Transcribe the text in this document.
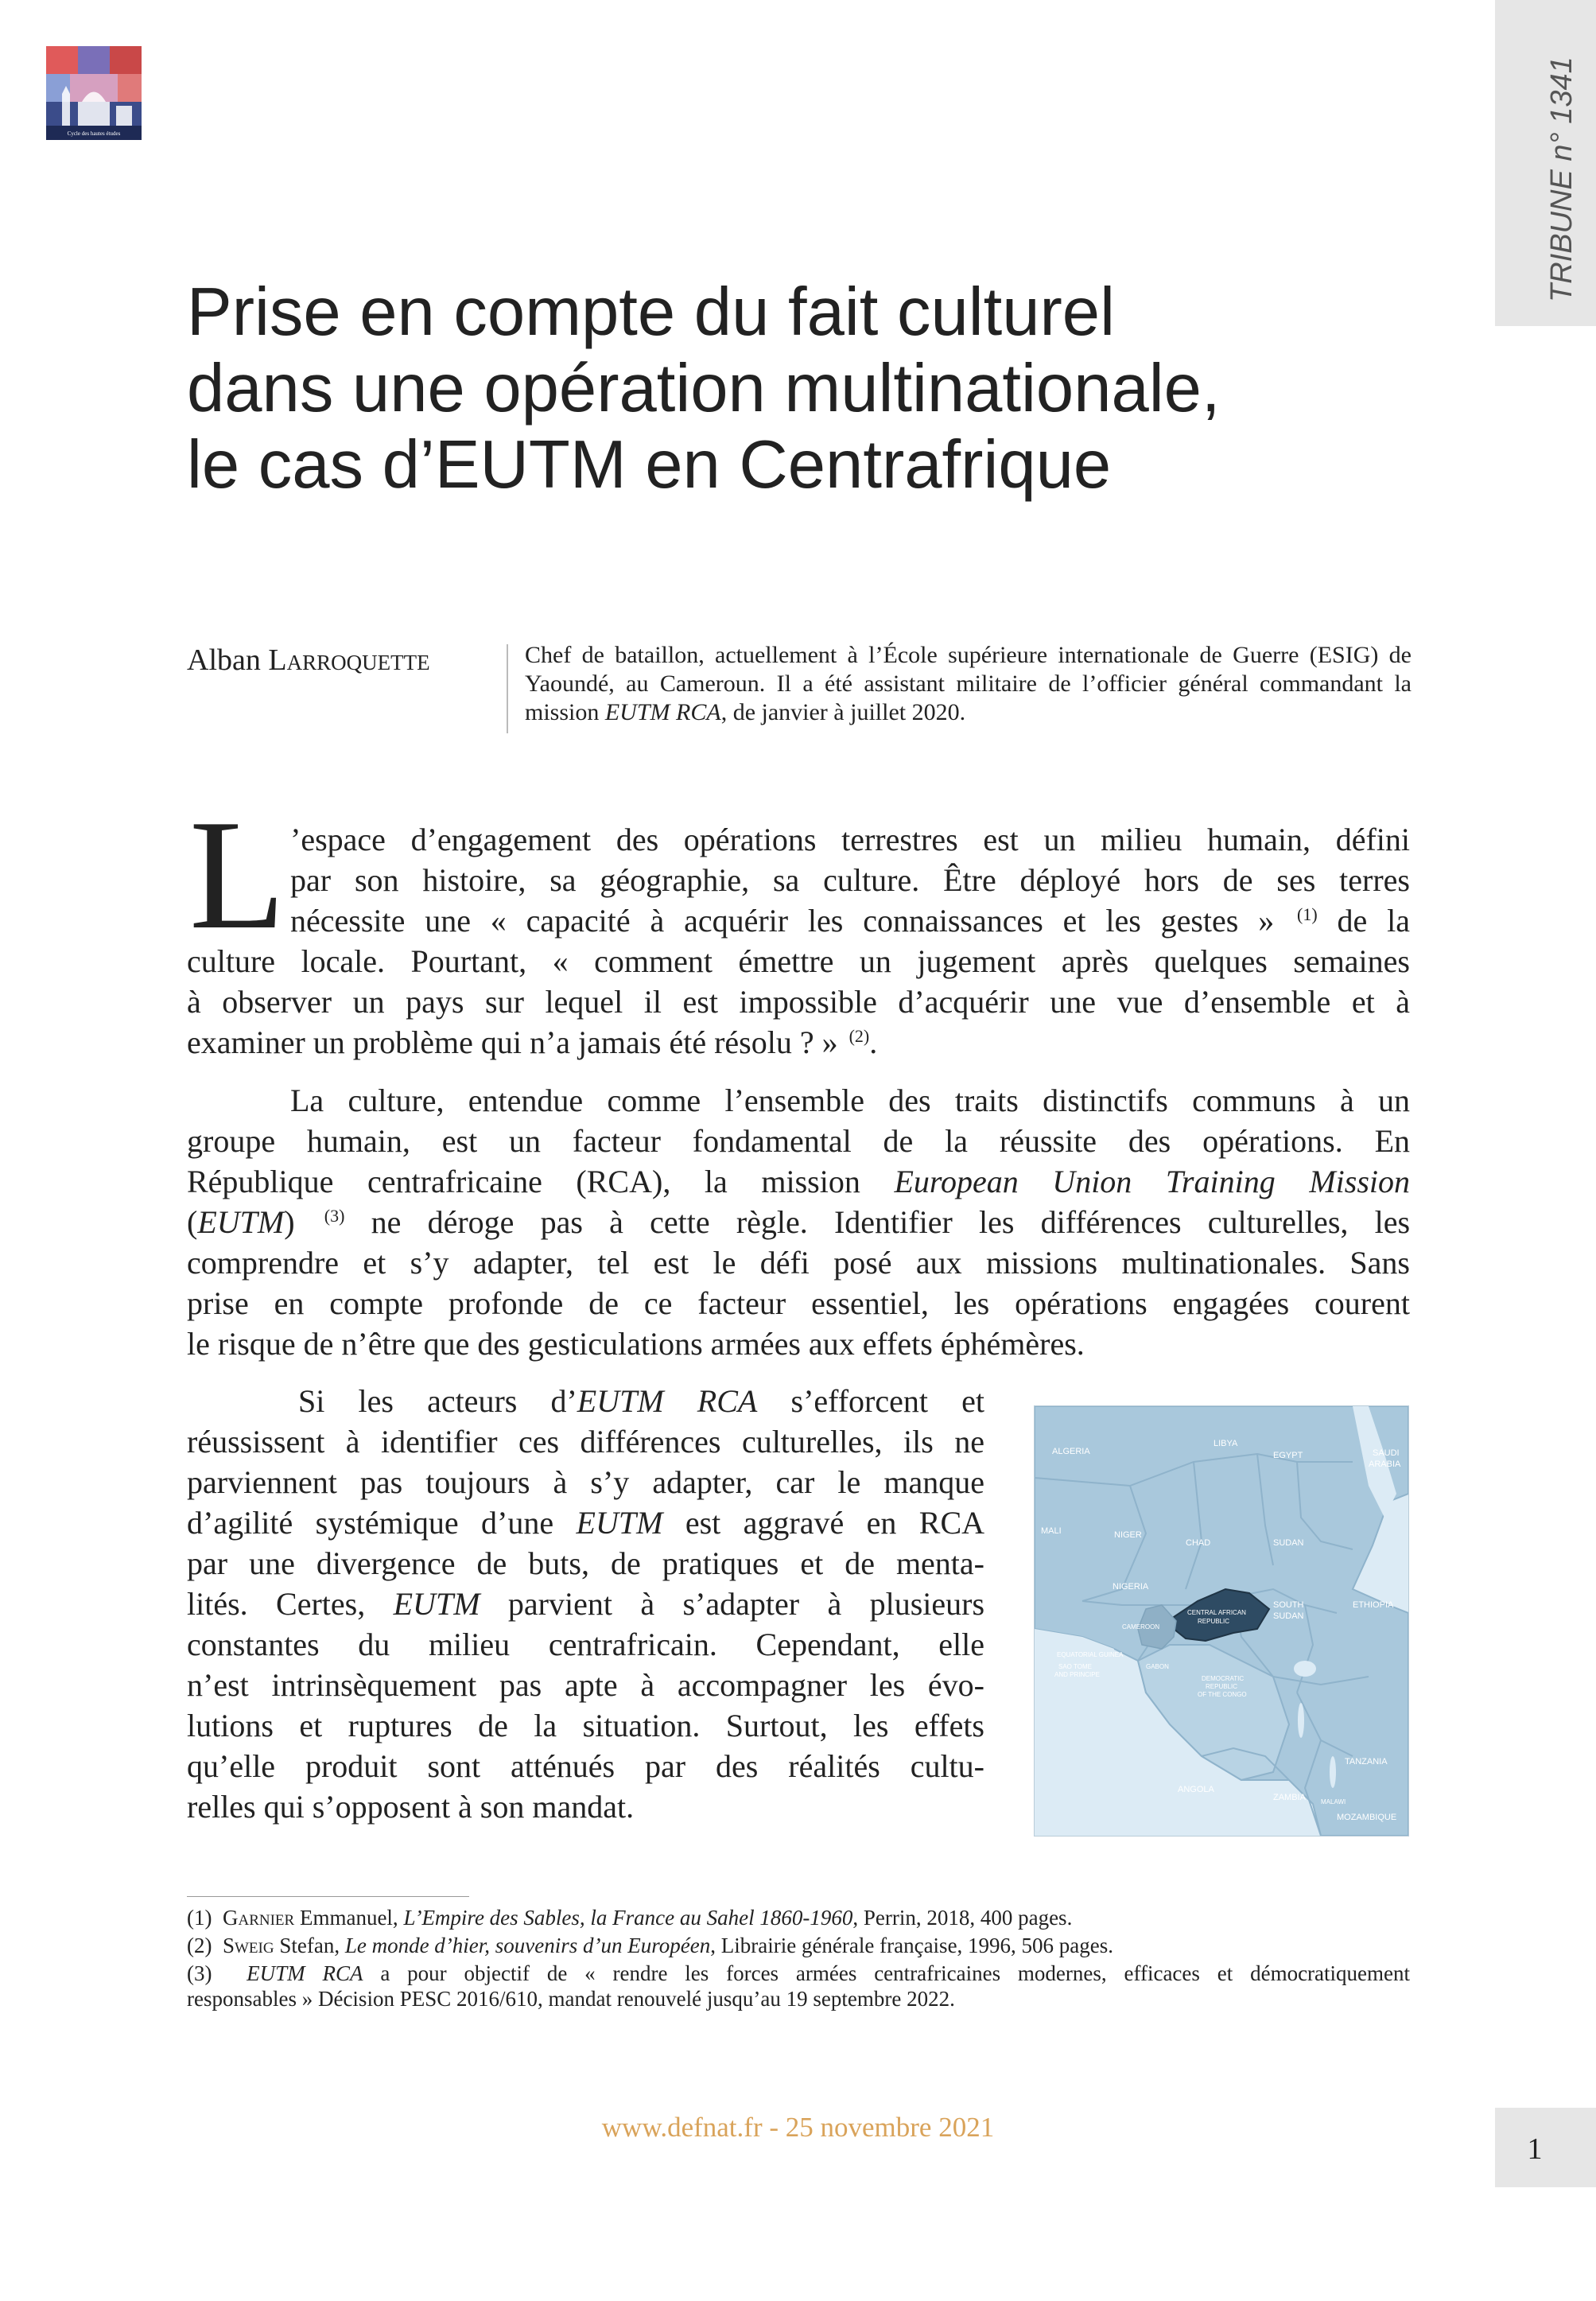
Cycle des hautes études	TRIBUNE n° 1341
Prise en compte du fait culturel
dans une opération multinationale,
le cas d’EUTM en Centrafrique
Alban Larroquette	Chef de bataillon, actuellement à l’École supérieure internationale de Guerre (ESIG) de
Yaoundé, au Cameroun. Il a été assistant militaire de l’officier général commandant la
mission EUTM RCA, de janvier à juillet 2020.
L ’espace d’engagement des opérations terrestres est un milieu humain, défini
par son histoire, sa géographie, sa culture. Être déployé hors de ses terres
nécessite une « capacité à acquérir les connaissances et les gestes » $^{(1)}$ de la
culture locale. Pourtant, « comment émettre un jugement après quelques semaines
à observer un pays sur lequel il est impossible d’acquérir une vue d’ensemble et à
examiner un problème qui n’a jamais été résolu ? » $^{(2)}$.
La culture, entendue comme l’ensemble des traits distinctifs communs à un
groupe humain, est un facteur fondamental de la réussite des opérations. En
République centrafricaine (RCA), la mission European Union Training Mission
(EUTM) $^{(3)}$ ne déroge pas à cette règle. Identifier les différences culturelles, les
comprendre et s’y adapter, tel est le défi posé aux missions multinationales. Sans
prise en compte profonde de ce facteur essentiel, les opérations engagées courent
le risque de n’être que des gesticulations armées aux effets éphémères.
Si les acteurs d’EUTM RCA s’efforcent et
réussissent à identifier ces différences culturelles, ils ne
parviennent pas toujours à s’y adapter, car le manque
d’agilité systémique d’une EUTM est aggravé en RCA
par une divergence de buts, de pratiques et de menta-
lités. Certes, EUTM parvient à s’adapter à plusieurs
constantes du milieu centrafricain. Cependant, elle
n’est intrinsèquement pas apte à accompagner les évo-
lutions et ruptures de la situation. Surtout, les effets
qu’elle produit sont atténués par des réalités cultu-
relles qui s’opposent à son mandat.
ALGERIA
LIBYA
EGYPT	SAUDI
ARABIA
MALI	NIGER
CHAD	SUDAN
NIGERIA
ETHIOPIA
SOUTH
SUDAN
TANZANIA
ANGOLA
ZAMBIA
MOZAMBIQUE
CENTRAL AFRICAN
REPUBLIC
CAMEROON
EQUATORIAL GUINEA
SAO TOME
AND PRINCIPE
GABON
DEMOCRATIC
REPUBLIC
OF THE CONGO
MALAWI
(1) Garnier Emmanuel, L’Empire des Sables, la France au Sahel 1860-1960, Perrin, 2018, 400 pages.
(2) Sweig Stefan, Le monde d’hier, souvenirs d’un Européen, Librairie générale française, 1996, 506 pages.
(3) EUTM RCA a pour objectif de « rendre les forces armées centrafricaines modernes, efficaces et démocratiquement
responsables » Décision PESC 2016/610, mandat renouvelé jusqu’au 19 septembre 2022.
www.defnat.fr - 25 novembre 2021
1
